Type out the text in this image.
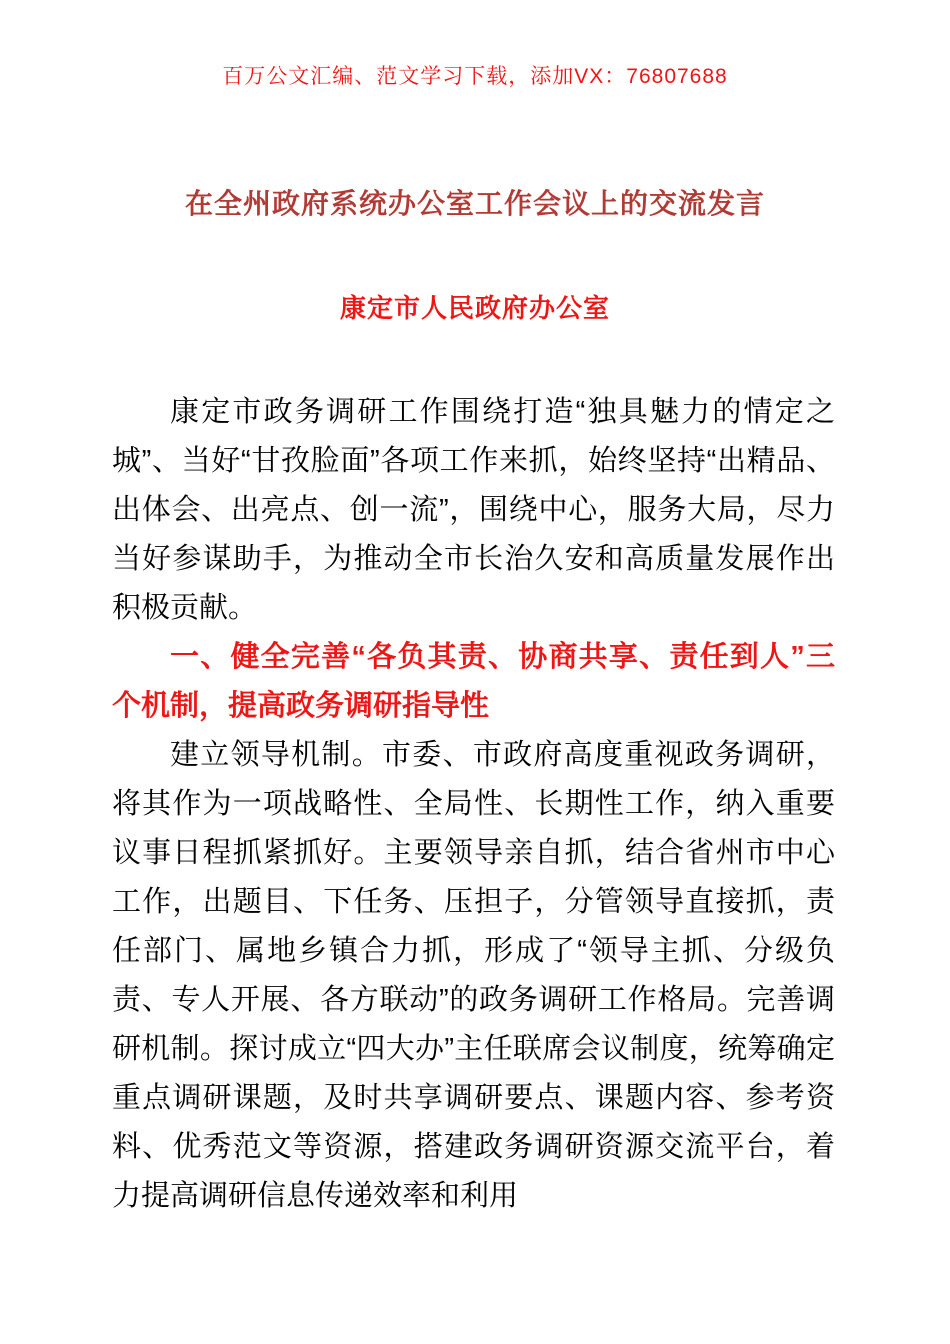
百万公文汇编、范文学习下载，添加VX：76807688
在全州政府系统办公室工作会议上的交流发言
康定市人民政府办公室

康定市政务调研工作围绕打造“独具魅力的情定之城”、当好“甘孜脸面”各项工作来抓，始终坚持“出精品、出体会、出亮点、创一流”，围绕中心，服务大局，尽力当好参谋助手，为推动全市长治久安和高质量发展作出积极贡献。

一、健全完善“各负其责、协商共享、责任到人”三个机制，提高政务调研指导性

建立领导机制。市委、市政府高度重视政务调研，将其作为一项战略性、全局性、长期性工作，纳入重要议事日程抓紧抓好。主要领导亲自抓，结合省州市中心工作，出题目、下任务、压担子，分管领导直接抓，责任部门、属地乡镇合力抓，形成了“领导主抓、分级负责、专人开展、各方联动”的政务调研工作格局。完善调研机制。探讨成立“四大办”主任联席会议制度，统筹确定重点调研课题，及时共享调研要点、课题内容、参考资料、优秀范文等资源，搭建政务调研资源交流平台，着力提高调研信息传递效率和利用
